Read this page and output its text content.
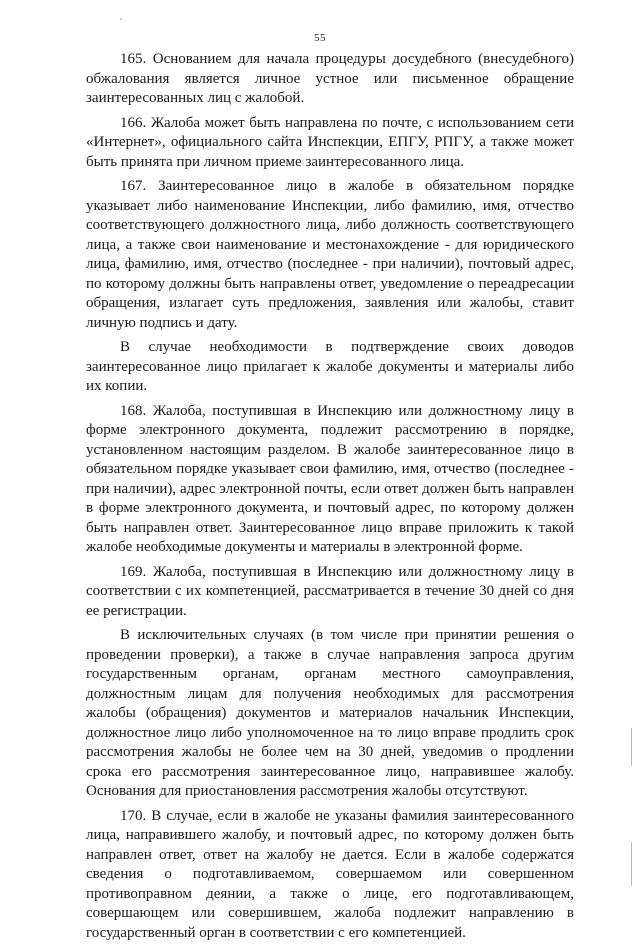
55

165. Основанием для начала процедуры досудебного (внесудебного) обжалования является личное устное или письменное обращение заинтересованных лиц с жалобой.

166. Жалоба может быть направлена по почте, с использованием сети «Интернет», официального сайта Инспекции, ЕПГУ, РПГУ, а также может быть принята при личном приеме заинтересованного лица.

167. Заинтересованное лицо в жалобе в обязательном порядке указывает либо наименование Инспекции, либо фамилию, имя, отчество соответствующего должностного лица, либо должность соответствующего лица, а также свои наименование и местонахождение - для юридического лица, фамилию, имя, отчество (последнее - при наличии), почтовый адрес, по которому должны быть направлены ответ, уведомление о переадресации обращения, излагает суть предложения, заявления или жалобы, ставит личную подпись и дату.

В случае необходимости в подтверждение своих доводов заинтересованное лицо прилагает к жалобе документы и материалы либо их копии.

168. Жалоба, поступившая в Инспекцию или должностному лицу в форме электронного документа, подлежит рассмотрению в порядке, установленном настоящим разделом. В жалобе заинтересованное лицо в обязательном порядке указывает свои фамилию, имя, отчество (последнее - при наличии), адрес электронной почты, если ответ должен быть направлен в форме электронного документа, и почтовый адрес, по которому должен быть направлен ответ. Заинтересованное лицо вправе приложить к такой жалобе необходимые документы и материалы в электронной форме.

169. Жалоба, поступившая в Инспекцию или должностному лицу в соответствии с их компетенцией, рассматривается в течение 30 дней со дня ее регистрации.

В исключительных случаях (в том числе при принятии решения о проведении проверки), а также в случае направления запроса другим государственным органам, органам местного самоуправления, должностным лицам для получения необходимых для рассмотрения жалобы (обращения) документов и материалов начальник Инспекции, должностное лицо либо уполномоченное на то лицо вправе продлить срок рассмотрения жалобы не более чем на 30 дней, уведомив о продлении срока его рассмотрения заинтересованное лицо, направившее жалобу. Основания для приостановления рассмотрения жалобы отсутствуют.

170. В случае, если в жалобе не указаны фамилия заинтересованного лица, направившего жалобу, и почтовый адрес, по которому должен быть направлен ответ, ответ на жалобу не дается. Если в жалобе содержатся сведения о подготавливаемом, совершаемом или совершенном противоправном деянии, а также о лице, его подготавливающем, совершающем или совершившем, жалоба подлежит направлению в государственный орган в соответствии с его компетенцией.
